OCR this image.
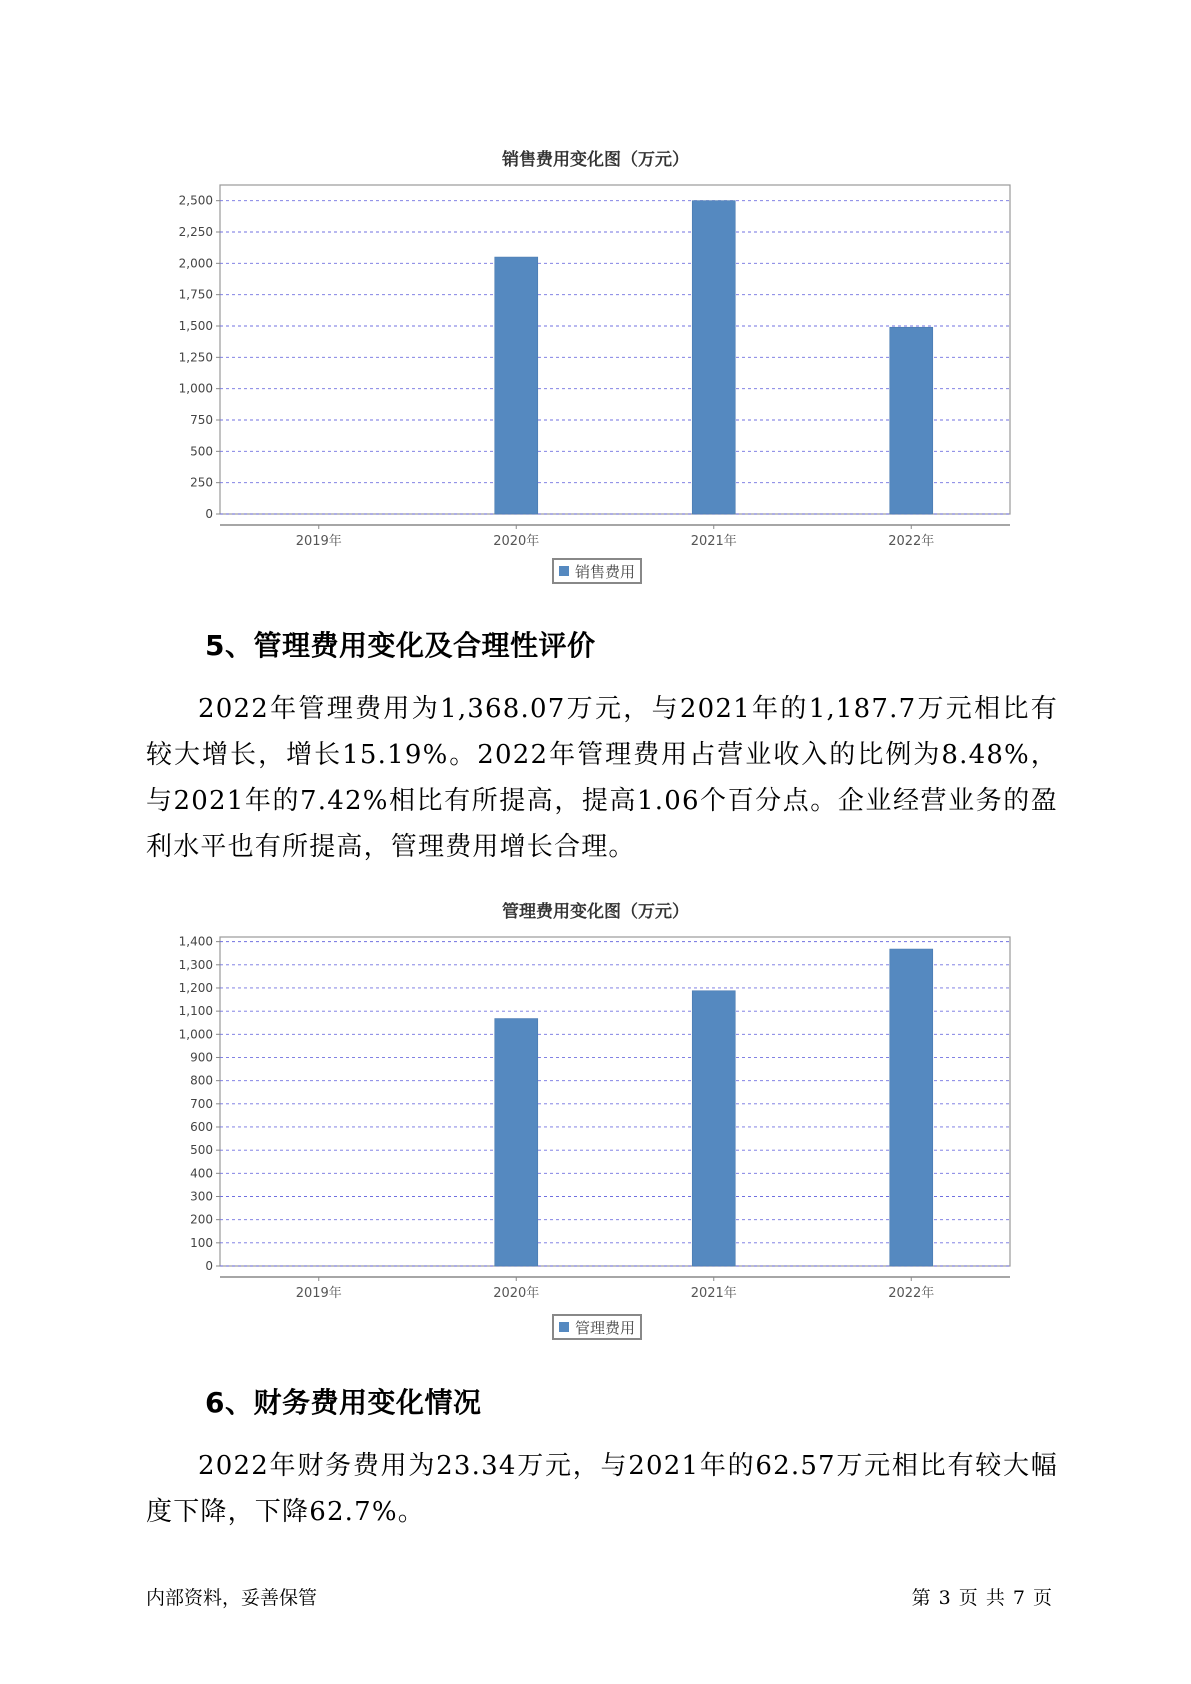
销售费用变化图（万元）
0
250
500
750
1,000
1,250
1,500
1,750
2,000
2,250
2,500
2019年	2020年	2021年	2022年
销售费用
5、管理费用变化及合理性评价
2022年管理费用为1,368.07万元，与2021年的1,187.7万元相比有较大增长，增长15.19%。2022年管理费用占营业收入的比例为8.48%，与2021年的7.42%相比有所提高，提高1.06个百分点。企业经营业务的盈利水平也有所提高，管理费用增长合理。
管理费用变化图（万元）
0
100
200
300
400
500
600
700
800
900
1,000
1,100
1,200
1,300
1,400
2019年	2020年	2021年	2022年
管理费用
6、财务费用变化情况
2022年财务费用为23.34万元，与2021年的62.57万元相比有较大幅度下降，下降62.7%。
内部资料，妥善保管	第 3 页 共 7 页
